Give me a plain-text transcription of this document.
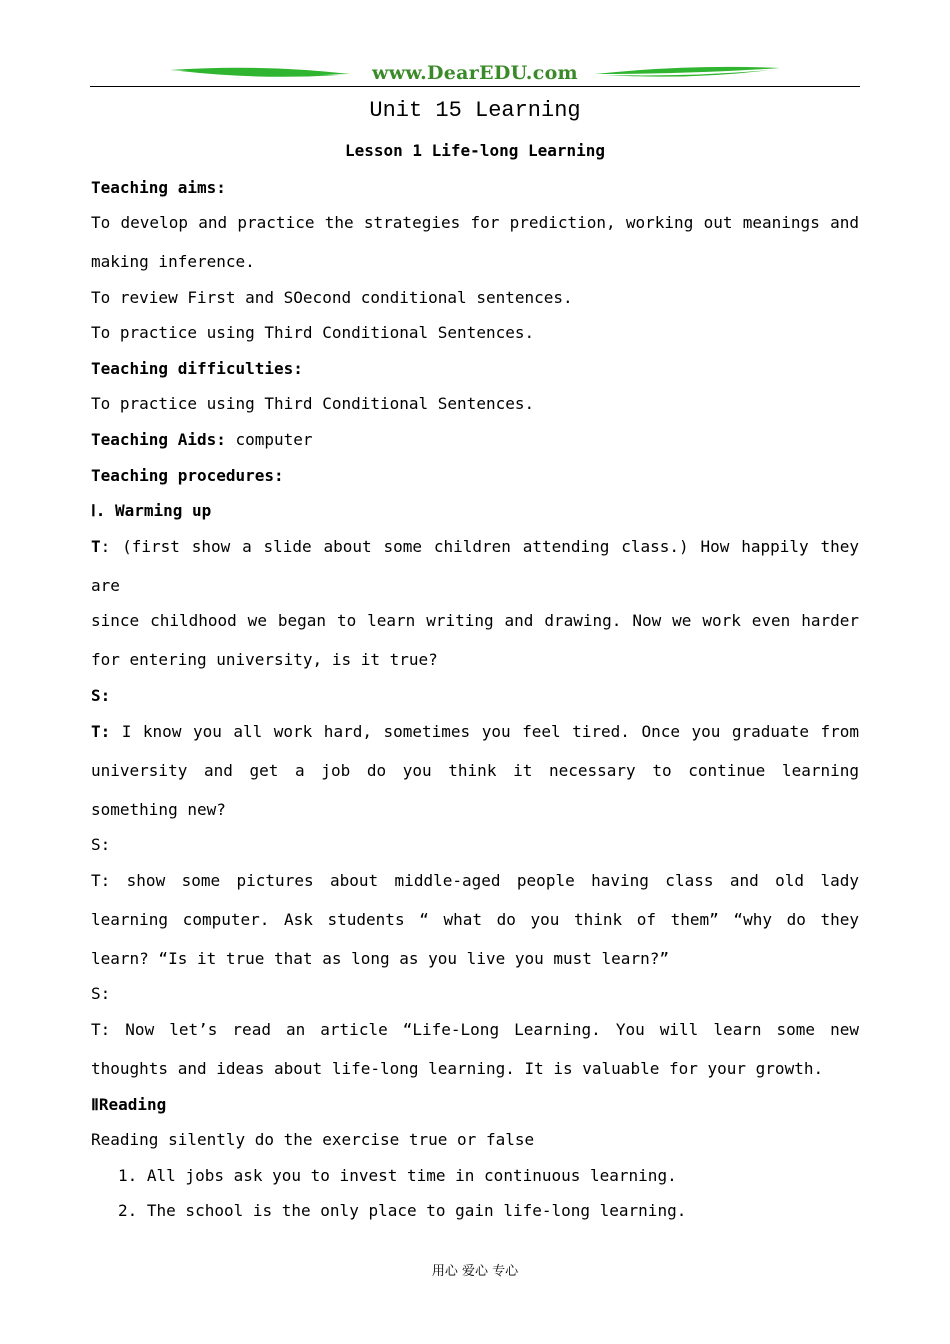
www.DearEDU.com
Unit 15 Learning
Lesson 1 Life-long Learning
Teaching aims:
To develop and practice the strategies for prediction, working out meanings and
making inference.
To review First and SOecond conditional sentences.
To practice using Third Conditional Sentences.
Teaching difficulties:
To practice using Third Conditional Sentences.
Teaching Aids: computer
Teaching procedures:
Ⅰ. Warming up
T: (first show a slide about some children attending class.) How happily they
are
since childhood we began to learn writing and drawing. Now we work even harder
for entering university, is it true?
S:
T: I know you all work hard, sometimes you feel tired. Once you graduate from
university and get a job do you think it necessary to continue learning
something new?
S:
T: show some pictures about middle-aged people having class and old lady
learning computer. Ask students “ what do you think of them” “why do they
learn? “Is it true that as long as you live you must learn?”
S:
T: Now let’s read an article “Life-Long Learning. You will learn some new
thoughts and ideas about life-long learning. It is valuable for your growth.
ⅡReading
Reading silently do the exercise true or false
1. All jobs ask you to invest time in continuous learning.
2. The school is the only place to gain life-long learning.
用心 爱心 专心
